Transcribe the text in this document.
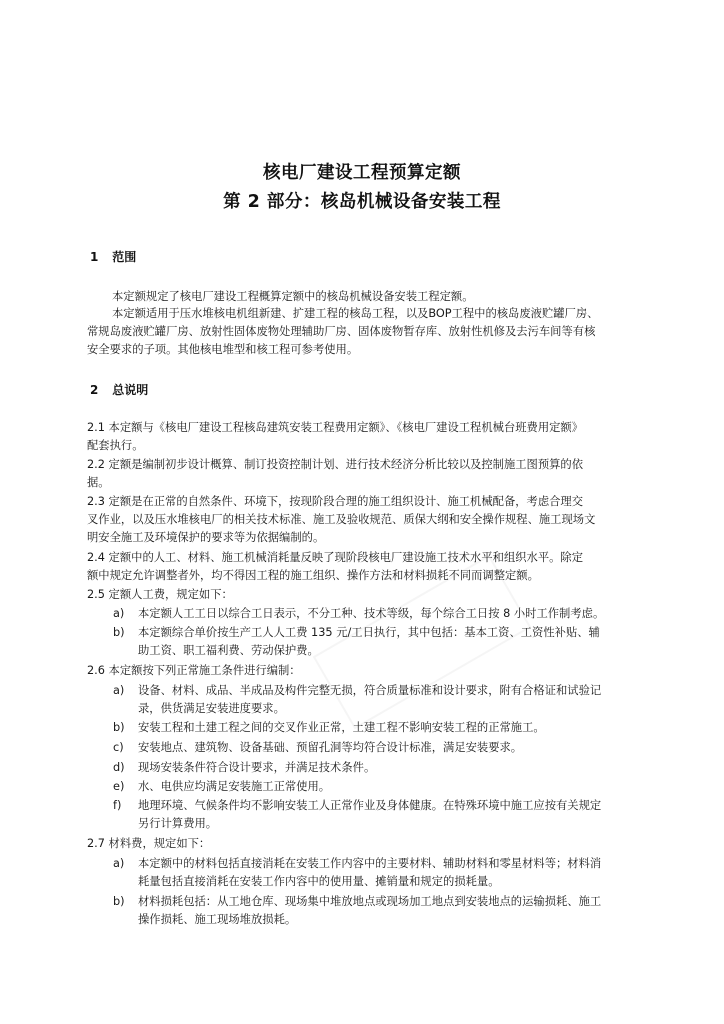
核电厂建设工程预算定额
第 2 部分：核岛机械设备安装工程
1 范围
本定额规定了核电厂建设工程概算定额中的核岛机械设备安装工程定额。
本定额适用于压水堆核电机组新建、扩建工程的核岛工程，以及BOP工程中的核岛废液贮罐厂房、
常规岛废液贮罐厂房、放射性固体废物处理辅助厂房、固体废物暂存库、放射性机修及去污车间等有核
安全要求的子项。其他核电堆型和核工程可参考使用。
2 总说明
2.1 本定额与《核电厂建设工程核岛建筑安装工程费用定额》、《核电厂建设工程机械台班费用定额》
配套执行。
2.2 定额是编制初步设计概算、制订投资控制计划、进行技术经济分析比较以及控制施工图预算的依
据。
2.3 定额是在正常的自然条件、环境下，按现阶段合理的施工组织设计、施工机械配备，考虑合理交
叉作业，以及压水堆核电厂的相关技术标准、施工及验收规范、质保大纲和安全操作规程、施工现场文
明安全施工及环境保护的要求等为依据编制的。
2.4 定额中的人工、材料、施工机械消耗量反映了现阶段核电厂建设施工技术水平和组织水平。除定
额中规定允许调整者外，均不得因工程的施工组织、操作方法和材料损耗不同而调整定额。
2.5 定额人工费，规定如下：
a) 本定额人工工日以综合工日表示，不分工种、技术等级，每个综合工日按 8 小时工作制考虑。
b) 本定额综合单价按生产工人人工费 135 元/工日执行，其中包括：基本工资、工资性补贴、辅
助工资、职工福利费、劳动保护费。
2.6 本定额按下列正常施工条件进行编制：
a) 设备、材料、成品、半成品及构件完整无损，符合质量标准和设计要求，附有合格证和试验记
录，供货满足安装进度要求。
b) 安装工程和土建工程之间的交叉作业正常，土建工程不影响安装工程的正常施工。
c) 安装地点、建筑物、设备基础、预留孔洞等均符合设计标准，满足安装要求。
d) 现场安装条件符合设计要求，并满足技术条件。
e) 水、电供应均满足安装施工正常使用。
f) 地理环境、气候条件均不影响安装工人正常作业及身体健康。在特殊环境中施工应按有关规定
另行计算费用。
2.7 材料费，规定如下：
a) 本定额中的材料包括直接消耗在安装工作内容中的主要材料、辅助材料和零星材料等；材料消
耗量包括直接消耗在安装工作内容中的使用量、摊销量和规定的损耗量。
b) 材料损耗包括：从工地仓库、现场集中堆放地点或现场加工地点到安装地点的运输损耗、施工
操作损耗、施工现场堆放损耗。
